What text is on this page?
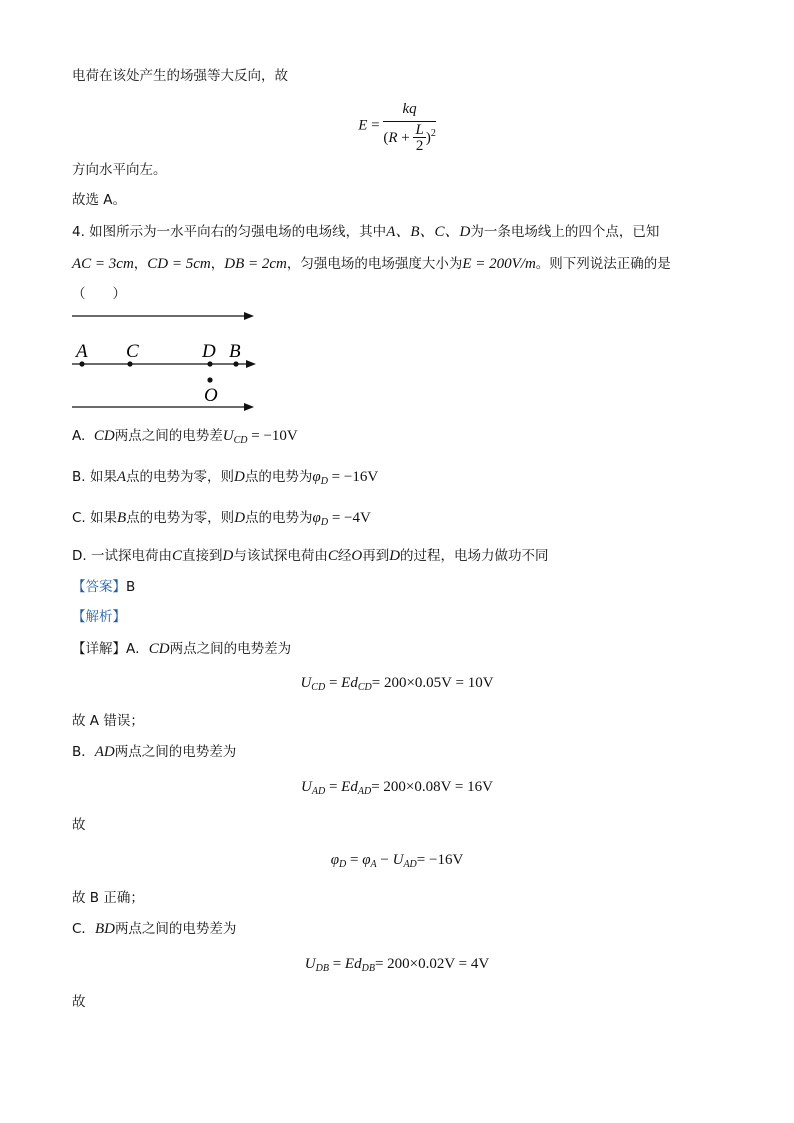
电荷在该处产生的场强等大反向，故
$E = \frac{kq}{(R + \frac{L}{2} )^2}$
方向水平向左。
故选 A。
4. 如图所示为一水平向右的匀强电场的电场线，其中A、B、C、D为一条电场线上的四个点，已知
AC = 3cm，CD = 5cm，DB = 2cm，匀强电场的电场强度大小为E = 200V/m。则下列说法正确的是
（　　）
A C	D B
O
A. CD两点之间的电势差$U_{CD} = -10V$
B. 如果A点的电势为零，则D点的电势为$\varphi_D = -16V$
C. 如果B点的电势为零，则D点的电势为$\varphi_D = -4V$
D. 一试探电荷由C直接到D与该试探电荷由C经O再到D的过程，电场力做功不同
【答案】B
【解析】
【详解】A．CD两点之间的电势差为
$U_{CD} = Ed_{CD}= 200\times 0.05V = 10V$
故 A 错误；
B．AD两点之间的电势差为
$U_{AD} = Ed_{AD}= 200\times 0.08V = 16V$
故
$\varphi_D = \varphi_A - U_{AD}= -16V$
故 B 正确；
C．BD两点之间的电势差为
$U_{DB} = Ed_{DB}= 200\times 0.02V = 4V$
故
